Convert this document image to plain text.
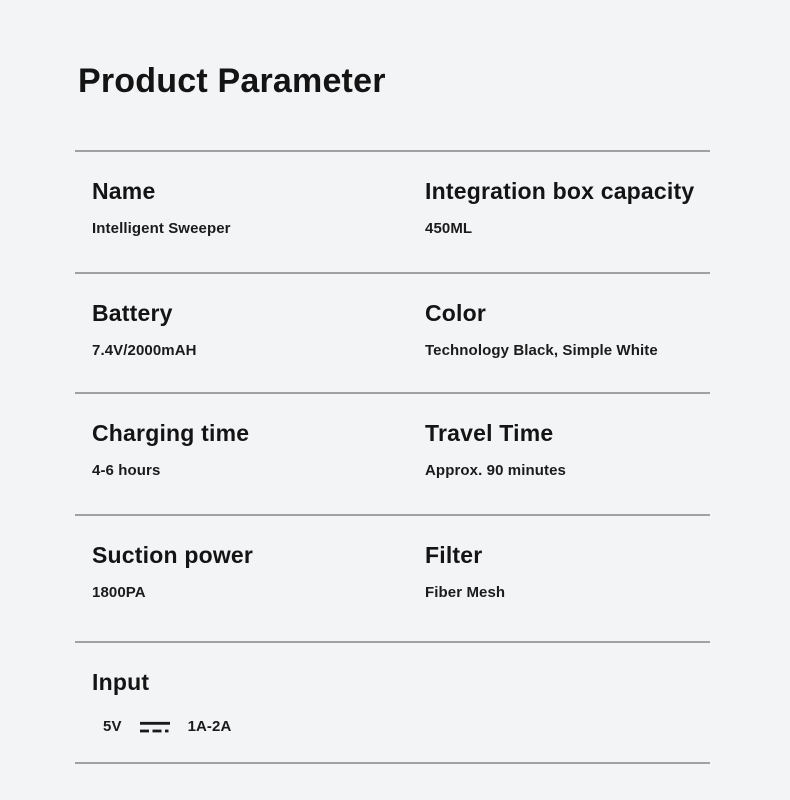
Product Parameter
Name
Intelligent Sweeper
Integration box capacity
450ML
Battery
7.4V/2000mAH
Color
Technology Black, Simple White
Charging time
4-6 hours
Travel Time
Approx. 90 minutes
Suction power
1800PA
Filter
Fiber Mesh
Input
5V	1A-2A
